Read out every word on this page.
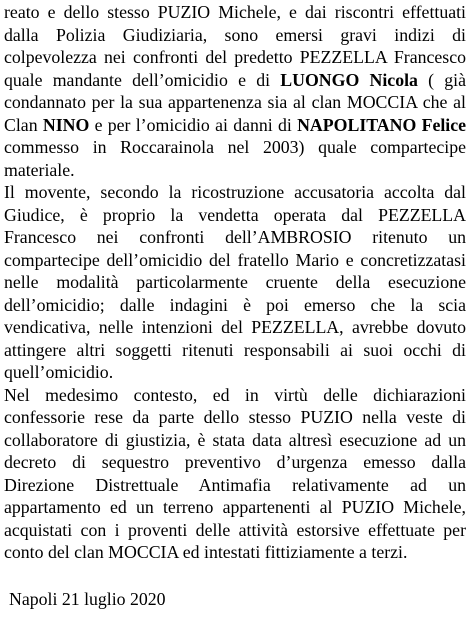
reato e dello stesso PUZIO Michele, e dai riscontri effettuati dalla Polizia Giudiziaria, sono emersi gravi indizi di colpevolezza nei confronti del predetto PEZZELLA Francesco quale mandante dell’omicidio e di LUONGO Nicola ( già condannato per la sua appartenenza sia al clan MOCCIA che al Clan NINO e per l’omicidio ai danni di NAPOLITANO Felice commesso in Roccarainola nel 2003) quale compartecipe materiale.

Il movente, secondo la ricostruzione accusatoria accolta dal Giudice, è proprio la vendetta operata dal PEZZELLA Francesco nei confronti dell’AMBROSIO ritenuto un compartecipe dell’omicidio del fratello Mario e concretizzatasi nelle modalità particolarmente cruente della esecuzione dell’omicidio; dalle indagini è poi emerso che la scia vendicativa, nelle intenzioni del PEZZELLA, avrebbe dovuto attingere altri soggetti ritenuti responsabili ai suoi occhi di quell’omicidio.

Nel medesimo contesto, ed in virtù delle dichiarazioni confessorie rese da parte dello stesso PUZIO nella veste di collaboratore di giustizia, è stata data altresì esecuzione ad un decreto di sequestro preventivo d’urgenza emesso dalla Direzione Distrettuale Antimafia relativamente ad un appartamento ed un terreno appartenenti al PUZIO Michele, acquistati con i proventi delle attività estorsive effettuate per conto del clan MOCCIA ed intestati fittiziamente a terzi.

Napoli 21 luglio 2020
